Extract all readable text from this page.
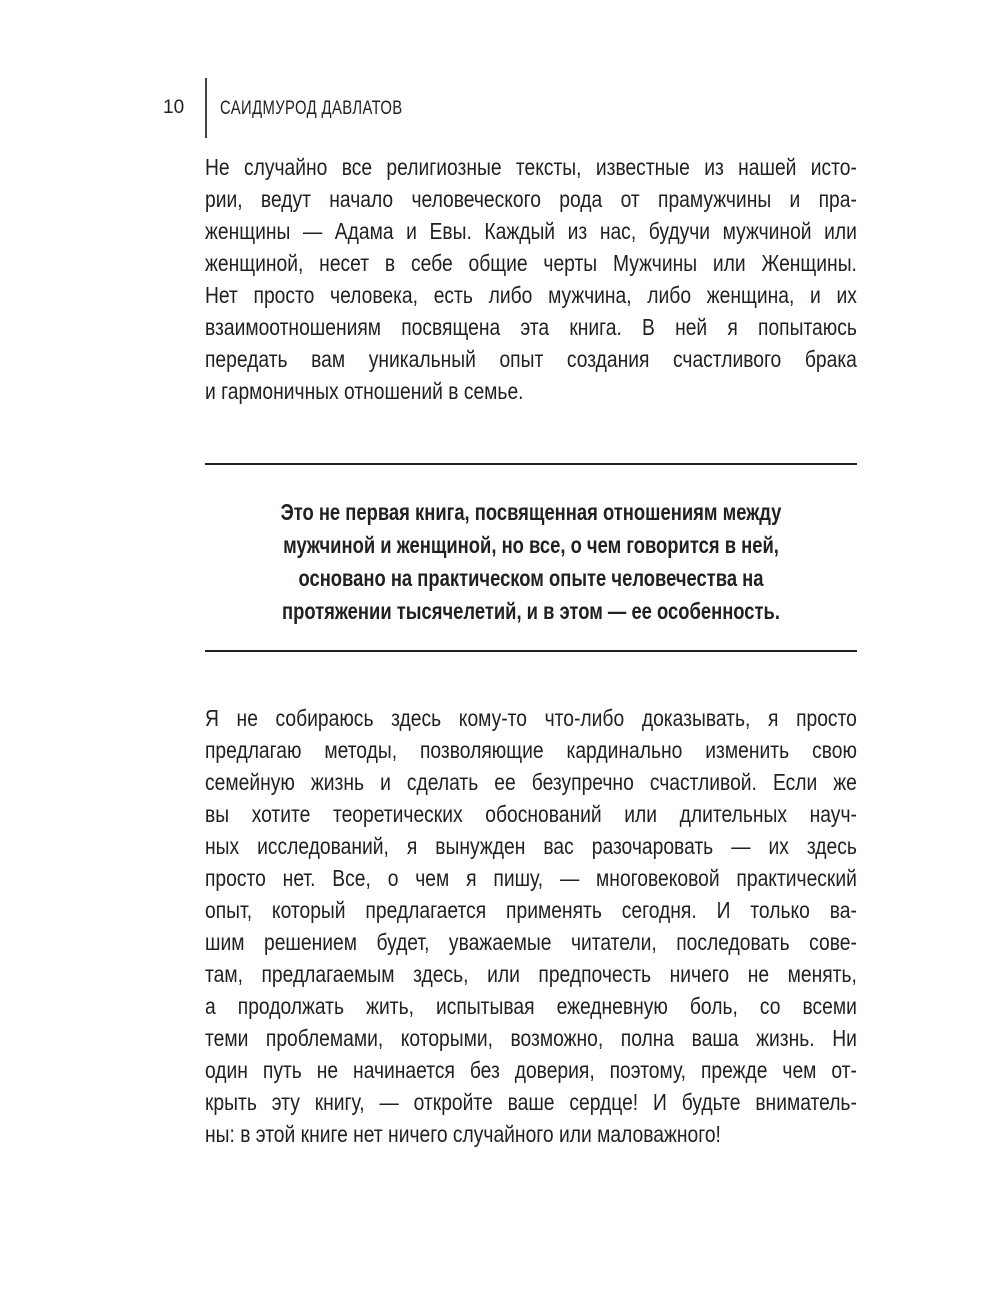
10 САИДМУРОД ДАВЛАТОВ
Не случайно все религиозные тексты, известные из нашей исто-
рии, ведут начало человеческого рода от прамужчины и пра-
женщины — Адама и Евы. Каждый из нас, будучи мужчиной или
женщиной, несет в себе общие черты Мужчины или Женщины.
Нет просто человека, есть либо мужчина, либо женщина, и их
взаимоотношениям посвящена эта книга. В ней я попытаюсь
передать вам уникальный опыт создания счастливого брака
и гармоничных отношений в семье.
Это не первая книга, посвященная отношениям между
мужчиной и женщиной, но все, о чем говорится в ней,
основано на практическом опыте человечества на
протяжении тысячелетий, и в этом — ее особенность.
Я не собираюсь здесь кому-то что-либо доказывать, я просто
предлагаю методы, позволяющие кардинально изменить свою
семейную жизнь и сделать ее безупречно счастливой. Если же
вы хотите теоретических обоснований или длительных науч-
ных исследований, я вынужден вас разочаровать — их здесь
просто нет. Все, о чем я пишу, — многовековой практический
опыт, который предлагается применять сегодня. И только ва-
шим решением будет, уважаемые читатели, последовать сове-
там, предлагаемым здесь, или предпочесть ничего не менять,
а продолжать жить, испытывая ежедневную боль, со всеми
теми проблемами, которыми, возможно, полна ваша жизнь. Ни
один путь не начинается без доверия, поэтому, прежде чем от-
крыть эту книгу, — откройте ваше сердце! И будьте вниматель-
ны: в этой книге нет ничего случайного или маловажного!
